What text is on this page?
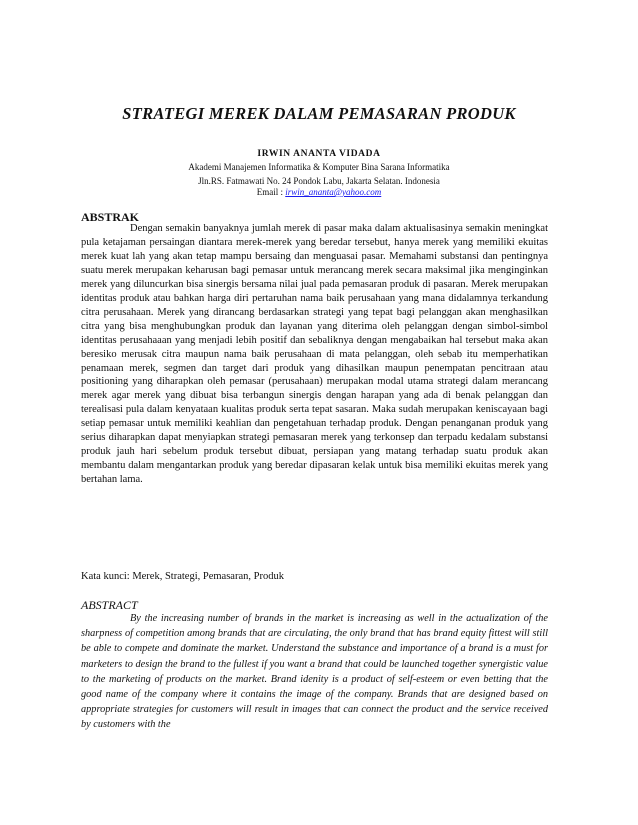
STRATEGI MEREK DALAM PEMASARAN PRODUK
IRWIN ANANTA VIDADA
Akademi Manajemen Informatika & Komputer Bina Sarana Informatika
Jln.RS. Fatmawati No. 24 Pondok Labu, Jakarta Selatan. Indonesia
Email : irwin_ananta@yahoo.com
ABSTRAK

Dengan semakin banyaknya jumlah merek di pasar maka dalam aktualisasinya semakin meningkat pula ketajaman persaingan diantara merek-merek yang beredar tersebut, hanya merek yang memiliki ekuitas merek kuat lah yang akan tetap mampu bersaing dan menguasai pasar. Memahami substansi dan pentingnya suatu merek merupakan keharusan bagi pemasar untuk merancang merek secara maksimal jika menginginkan merek yang diluncurkan bisa sinergis bersama nilai jual pada pemasaran produk di pasaran. Merek merupakan identitas produk atau bahkan harga diri pertaruhan nama baik perusahaan yang mana didalamnya terkandung citra perusahaan. Merek yang dirancang berdasarkan strategi yang tepat bagi pelanggan akan menghasilkan citra yang bisa menghubungkan produk dan layanan yang diterima oleh pelanggan dengan simbol-simbol identitas perusahaaan yang menjadi lebih positif dan sebaliknya dengan mengabaikan hal tersebut maka akan beresiko merusak citra maupun nama baik perusahaan di mata pelanggan, oleh sebab itu memperhatikan penamaan merek, segmen dan target dari produk yang dihasilkan maupun penempatan pencitraan atau positioning yang diharapkan oleh pemasar (perusahaan) merupakan modal utama strategi dalam merancang merek agar merek yang dibuat bisa terbangun sinergis dengan harapan yang ada di benak pelanggan dan terealisasi pula dalam kenyataan kualitas produk serta tepat sasaran. Maka sudah merupakan keniscayaan bagi setiap pemasar untuk memiliki keahlian dan pengetahuan terhadap produk. Dengan penanganan produk yang serius diharapkan dapat menyiapkan strategi pemasaran merek yang terkonsep dan terpadu kedalam substansi produk jauh hari sebelum produk tersebut dibuat, persiapan yang matang terhadap suatu produk akan membantu dalam mengantarkan produk yang beredar dipasaran kelak untuk bisa memiliki ekuitas merek yang bertahan lama.

Kata kunci: Merek, Strategi, Pemasaran, Produk
ABSTRACT

By the increasing number of brands in the market is increasing as well in the actualization of the sharpness of competition among brands that are circulating, the only brand that has brand equity fittest will still be able to compete and dominate the market. Understand the substance and importance of a brand is a must for marketers to design the brand to the fullest if you want a brand that could be launched together synergistic value to the marketing of products on the market. Brand idenity is a product of self-esteem or even betting that the good name of the company where it contains the image of the company. Brands that are designed based on appropriate strategies for customers will result in images that can connect the product and the service received by customers with the
